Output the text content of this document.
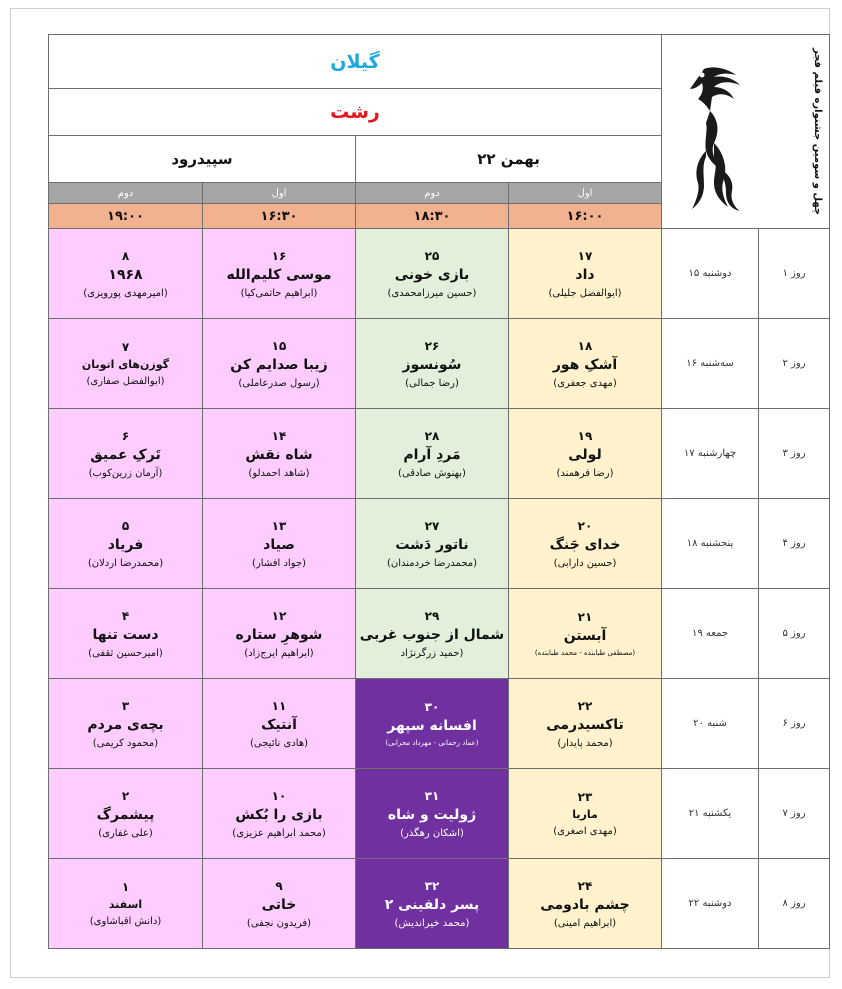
گیلان				چهل و سومین جشنواره فیلم فجر	

رشت					
سپیدرود		۲۲ بهمن			
دوم	اول	دوم	اول		
۱۹:۰۰	۱۶:۳۰	۱۸:۳۰	۱۶:۰۰		

۸
۱۹۶۸
(امیرمهدی پورویزی)	۱۶
موسی کلیم‌الله
(ابراهیم حاتمی‌کیا)	۲۵
بازی خونی
(حسین میرزامحمدی)	۱۷
داد
(ابوالفضل جلیلی)	دوشنبه ۱۵	روز ۱

۷
گوزن‌های اتوبان
(ابوالفضل صفاری)	۱۵
زیبا صدایم کن
(رسول صدرعاملی)	۲۶
سُونسوز
(رضا جمالی)	۱۸
آشکِ هور
(مهدی جعفری)	سه‌شنبه ۱۶	روز ۲

۶
تَرکِ عمیق
(آرمان زرین‌کوب)	۱۴
شاه نقش
(شاهد احمدلو)	۲۸
مَردِ آرام
(بهنوش صادقی)	۱۹
لولی
(رضا فرهمند)	چهارشنبه ۱۷	روز ۳

۵
فریاد
(محمدرضا اردلان)	۱۳
صیاد
(جواد افشار)	۲۷
ناتور دَشت
(محمدرضا خردمندان)	۲۰
خدای جَنگ
(حسین دارابی)	پنجشنبه ۱۸	روز ۴

۴
دست تنها
(امیرحسین ثقفی)	۱۲
شوهرِ ستاره
(ابراهیم ایرج‌زاد)	۲۹
شمال از جنوب غربی
حمید زرگرنژاد)	۲۱
آبستن
(مصطفی طبابنده - محمد طبابنده)	جمعه ۱۹	روز ۵

۳
بچه‌ی مردم
(محمود کریمی)	۱۱
آنتیک
(هادی نائیجی)	۳۰
افسانه سپهر
(عماد رحمانی - مهرداد محرابی)	۲۲
تاکسیدرمی
(محمد پایدار)	شنبه ۲۰	روز ۶

۲
پیشمرگ
(علی غفاری)	۱۰
بازی را بُکش
(محمد ابراهیم عزیزی)	۳۱
ژولیت و شاه
(اشکان رهگذر)	۲۳
ماریا
(مهدی اصغری)	یکشنبه ۲۱	روز ۷

۱
اسفند
(دانش اقباشاوی)	۹
خاتی
(فریدون نجفی)	۳۲
پسر دلفینی ۲
(محمد خیراندیش)	۲۴
چشم بادومی
(ابراهیم امینی)	دوشنبه ۲۲	روز ۸
